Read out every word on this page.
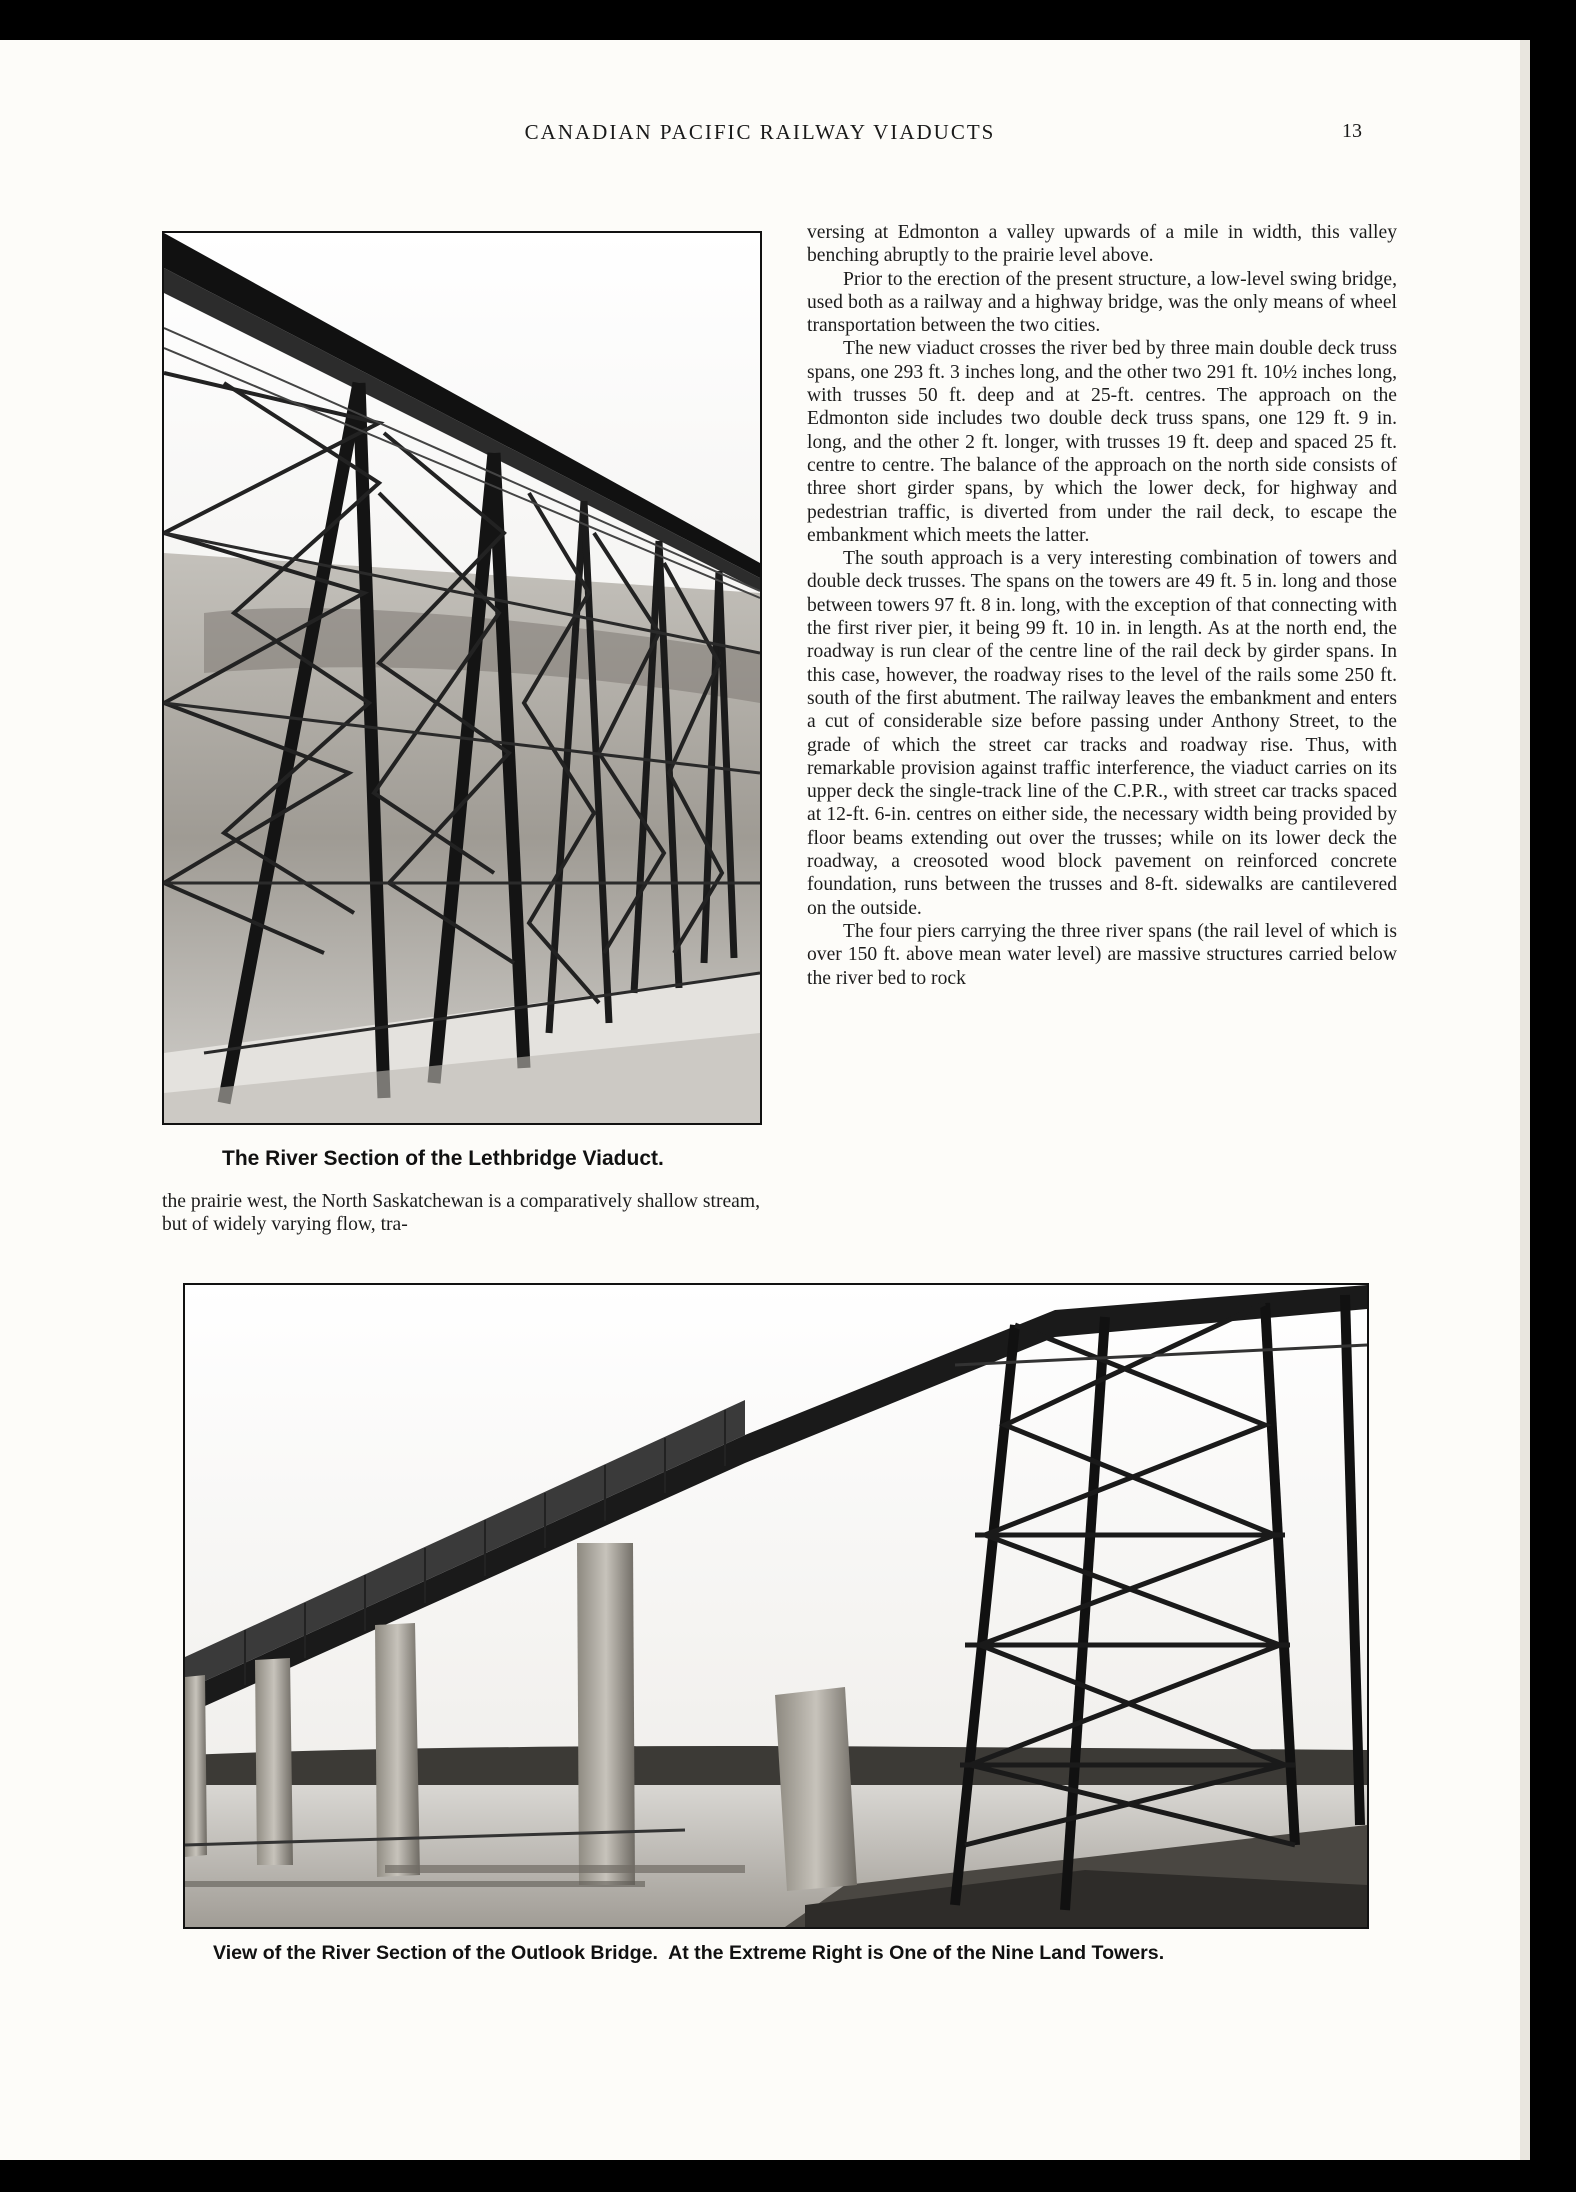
CANADIAN PACIFIC RAILWAY VIADUCTS	13
The River Section of the Lethbridge Viaduct.

the prairie west, the North Saskatchewan is a comparatively shallow stream, but of widely varying flow, tra-

versing at Edmonton a valley upwards of a mile in width, this valley benching abruptly to the prairie level above.

Prior to the erection of the present structure, a low-level swing bridge, used both as a railway and a highway bridge, was the only means of wheel transportation between the two cities.

The new viaduct crosses the river bed by three main double deck truss spans, one 293 ft. 3 inches long, and the other two 291 ft. 10½ inches long, with trusses 50 ft. deep and at 25-ft. centres. The approach on the Edmonton side includes two double deck truss spans, one 129 ft. 9 in. long, and the other 2 ft. longer, with trusses 19 ft. deep and spaced 25 ft. centre to centre. The balance of the approach on the north side consists of three short girder spans, by which the lower deck, for highway and pedestrian traffic, is diverted from under the rail deck, to escape the embankment which meets the latter.

The south approach is a very interesting combination of towers and double deck trusses. The spans on the towers are 49 ft. 5 in. long and those between towers 97 ft. 8 in. long, with the exception of that connecting with the first river pier, it being 99 ft. 10 in. in length. As at the north end, the roadway is run clear of the centre line of the rail deck by girder spans. In this case, however, the roadway rises to the level of the rails some 250 ft. south of the first abutment. The railway leaves the embankment and enters a cut of considerable size before passing under Anthony Street, to the grade of which the street car tracks and roadway rise. Thus, with remarkable provision against traffic interference, the viaduct carries on its upper deck the single-track line of the C.P.R., with street car tracks spaced at 12-ft. 6-in. centres on either side, the necessary width being provided by floor beams extending out over the trusses; while on its lower deck the roadway, a creosoted wood block pavement on reinforced concrete foundation, runs between the trusses and 8-ft. sidewalks are cantilevered on the outside.

The four piers carrying the three river spans (the rail level of which is over 150 ft. above mean water level) are massive structures carried below the river bed to rock

View of the River Section of the Outlook Bridge.  At the Extreme Right is One of the Nine Land Towers.
